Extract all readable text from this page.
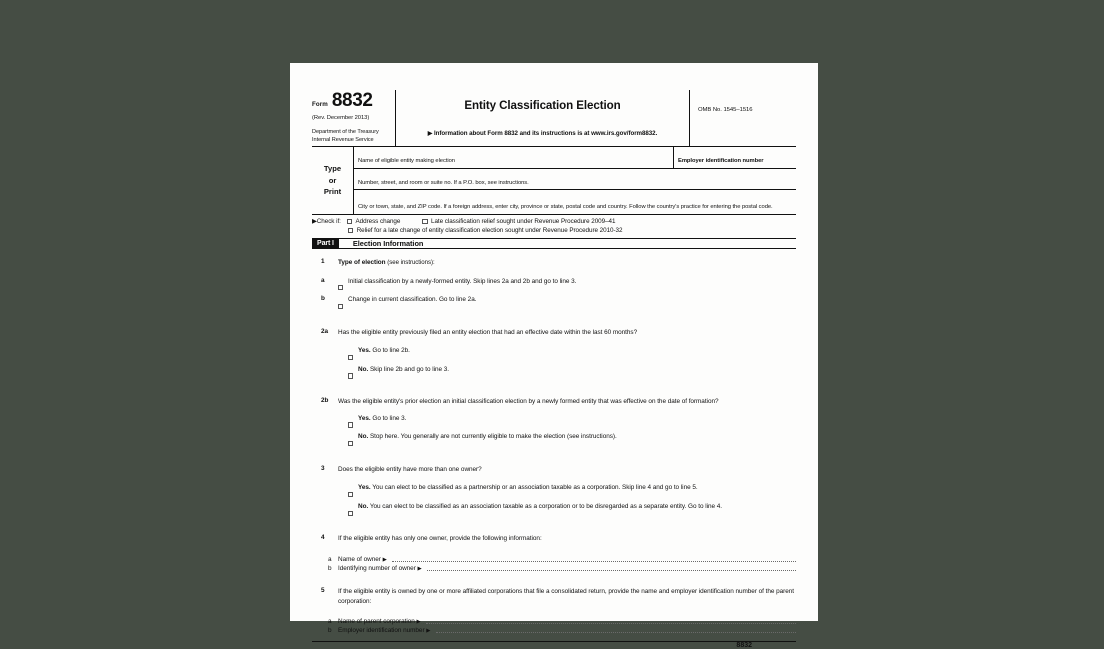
Form 8832
(Rev. December 2013)
Department of the Treasury
Internal Revenue Service
Entity Classification Election
▶ Information about Form 8832 and its instructions is at www.irs.gov/form8832.
OMB No. 1545–1516
Type
or
Print
Name of eligible entity making election	Employer identification number
Number, street, and room or suite no. If a P.O. box, see instructions.
City or town, state, and ZIP code. If a foreign address, enter city, province or state, postal code and country. Follow the country's practice for entering the postal code.
▶Check if: Address change	Late classification relief sought under Revenue Procedure 2009–41
Relief for a late change of entity classification election sought under Revenue Procedure 2010-32
Part I	Election Information
1	Type of election (see instructions):
a	Initial classification by a newly-formed entity. Skip lines 2a and 2b and go to line 3.
b	Change in current classification. Go to line 2a.
2a	Has the eligible entity previously filed an entity election that had an effective date within the last 60 months?
Yes. Go to line 2b.
No. Skip line 2b and go to line 3.
2b	Was the eligible entity's prior election an initial classification election by a newly formed entity that was effective on the date of formation?
Yes. Go to line 3.
No. Stop here. You generally are not currently eligible to make the election (see instructions).
3	Does the eligible entity have more than one owner?
Yes. You can elect to be classified as a partnership or an association taxable as a corporation. Skip line 4 and go to line 5.
No. You can elect to be classified as an association taxable as a corporation or to be disregarded as a separate entity. Go to line 4.
4	If the eligible entity has only one owner, provide the following information:
a	Name of owner ▶
b	Identifying number of owner ▶
5	If the eligible entity is owned by one or more affiliated corporations that file a consolidated return, provide the name and employer identification number of the parent corporation:
a	Name of parent corporation ▶
b	Employer identification number ▶
8832
